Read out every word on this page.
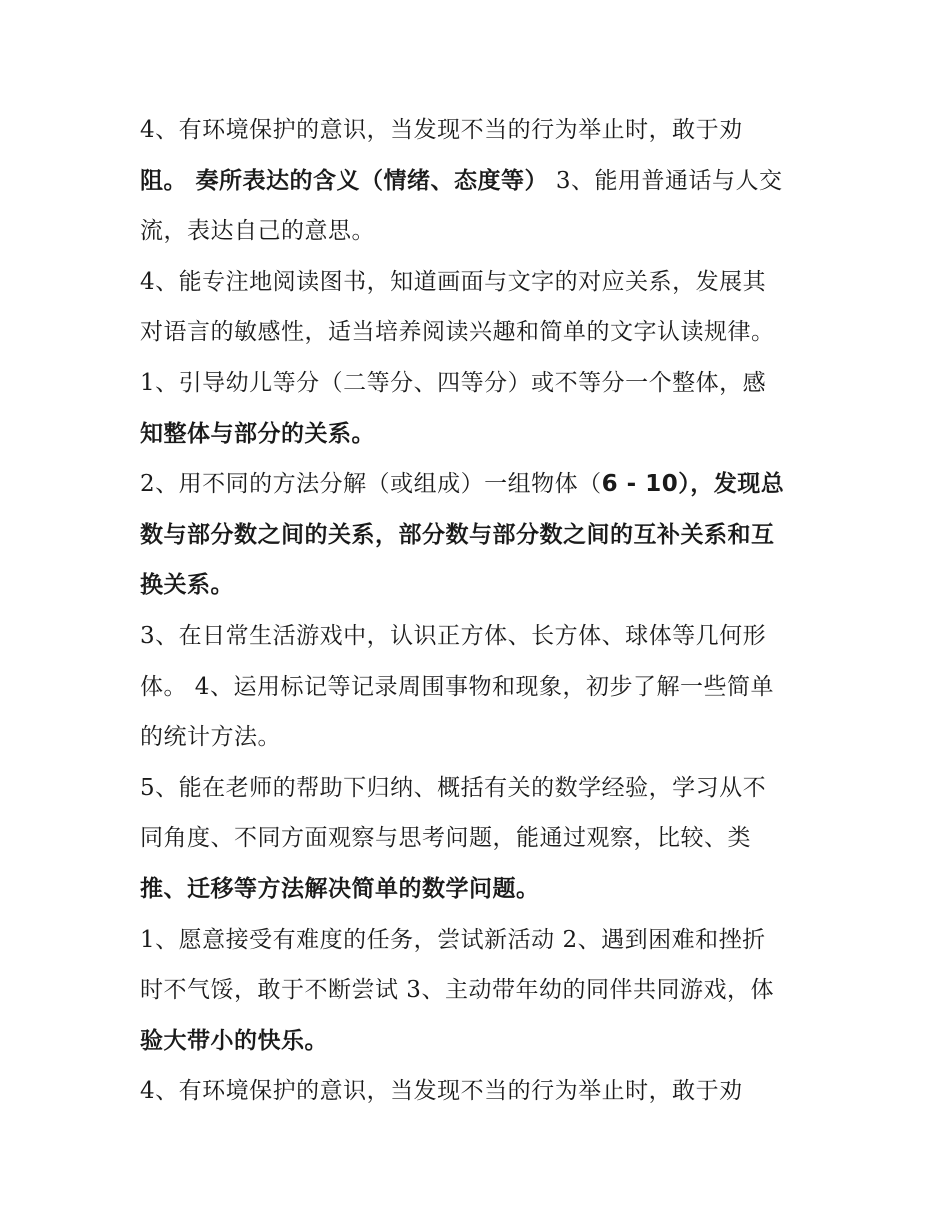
4、有环境保护的意识，当发现不当的行为举止时，敢于劝
阻。 奏所表达的含义（情绪、态度等） 3、能用普通话与人交
流，表达自己的意思。
4、能专注地阅读图书，知道画面与文字的对应关系，发展其
对语言的敏感性，适当培养阅读兴趣和简单的文字认读规律。
1、引导幼儿等分（二等分、四等分）或不等分一个整体，感
知整体与部分的关系。
2、用不同的方法分解（或组成）一组物体（6 - 10），发现总
数与部分数之间的关系，部分数与部分数之间的互补关系和互
换关系。
3、在日常生活游戏中，认识正方体、长方体、球体等几何形
体。 4、运用标记等记录周围事物和现象，初步了解一些简单
的统计方法。
5、能在老师的帮助下归纳、概括有关的数学经验，学习从不
同角度、不同方面观察与思考问题，能通过观察，比较、类
推、迁移等方法解决简单的数学问题。
1、愿意接受有难度的任务，尝试新活动 2、遇到困难和挫折
时不气馁，敢于不断尝试 3、主动带年幼的同伴共同游戏，体
验大带小的快乐。
4、有环境保护的意识，当发现不当的行为举止时，敢于劝
